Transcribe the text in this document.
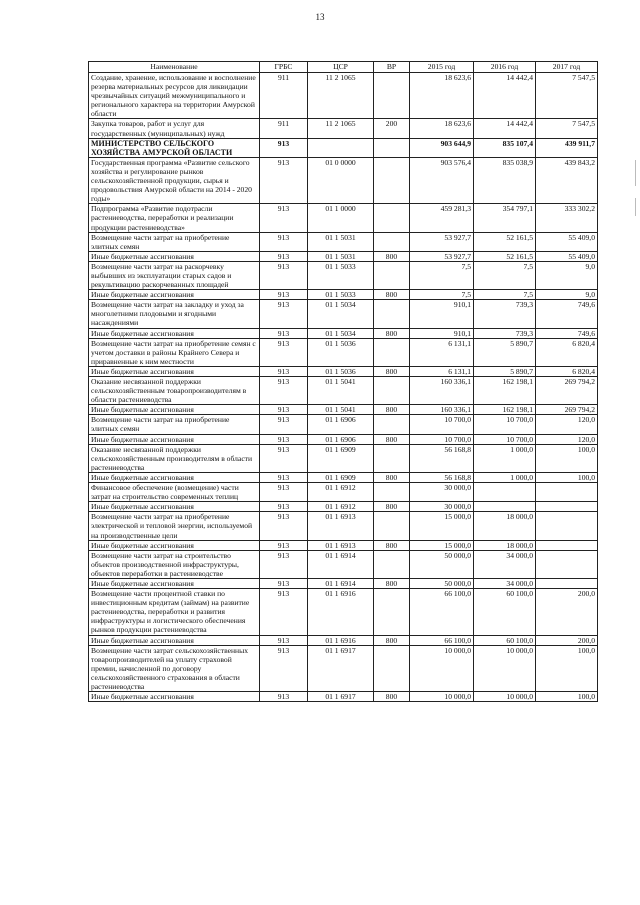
13
Наименование	ГРБС	ЦСР	ВР	2015 год	2016 год	2017 год
Создание, хранение, использование и восполнение резерва материальных ресурсов для ликвидации чрезвычайных ситуаций межмуниципального и регионального характера на территории Амурской области	911	11 2 1065		18 623,6	14 442,4	7 547,5
Закупка товаров, работ и услуг для государственных (муниципальных) нужд	911	11 2 1065	200	18 623,6	14 442,4	7 547,5
МИНИСТЕРСТВО СЕЛЬСКОГО ХОЗЯЙСТВА АМУРСКОЙ ОБЛАСТИ	913			903 644,9	835 107,4	439 911,7
Государственная программа «Развитие сельского хозяйства и регулирование рынков сельскохозяйственной продукции, сырья и продовольствия Амурской области на 2014 - 2020 годы»	913	01 0 0000		903 576,4	835 038,9	439 843,2
Подпрограмма «Развитие подотрасли растениеводства, переработки и реализации продукции растениеводства»	913	01 1 0000		459 281,3	354 797,1	333 302,2
Возмещение части затрат на приобретение элитных семян	913	01 1 5031		53 927,7	52 161,5	55 409,0
Иные бюджетные ассигнования	913	01 1 5031	800	53 927,7	52 161,5	55 409,0
Возмещение части затрат на раскорчевку выбывших из эксплуатации старых садов и рекультивацию раскорчеванных площадей	913	01 1 5033		7,5	7,5	9,0
Иные бюджетные ассигнования	913	01 1 5033	800	7,5	7,5	9,0
Возмещение части затрат на закладку и уход за многолетними плодовыми и ягодными насаждениями	913	01 1 5034		910,1	739,3	749,6
Иные бюджетные ассигнования	913	01 1 5034	800	910,1	739,3	749,6
Возмещение части затрат на приобретение семян с учетом доставки в районы Крайнего Севера и приравненные к ним местности	913	01 1 5036		6 131,1	5 890,7	6 820,4
Иные бюджетные ассигнования	913	01 1 5036	800	6 131,1	5 890,7	6 820,4
Оказание несвязанной поддержки сельскохозяйственным товаропроизводителям в области растениеводства	913	01 1 5041		160 336,1	162 198,1	269 794,2
Иные бюджетные ассигнования	913	01 1 5041	800	160 336,1	162 198,1	269 794,2
Возмещение части затрат на приобретение элитных семян	913	01 1 6906		10 700,0	10 700,0	120,0
Иные бюджетные ассигнования	913	01 1 6906	800	10 700,0	10 700,0	120,0
Оказание несвязанной поддержки сельскохозяйственным производителям в области растениеводства	913	01 1 6909		56 168,8	1 000,0	100,0
Иные бюджетные ассигнования	913	01 1 6909	800	56 168,8	1 000,0	100,0
Финансовое обеспечение (возмещение) части затрат на строительство современных теплиц	913	01 1 6912		30 000,0		
Иные бюджетные ассигнования	913	01 1 6912	800	30 000,0		
Возмещение части затрат на приобретение электрической и тепловой энергии, используемой на производственные цели	913	01 1 6913		15 000,0	18 000,0	
Иные бюджетные ассигнования	913	01 1 6913	800	15 000,0	18 000,0	
Возмещение части затрат на строительство объектов производственной инфраструктуры, объектов переработки в растениеводстве	913	01 1 6914		50 000,0	34 000,0	
Иные бюджетные ассигнования	913	01 1 6914	800	50 000,0	34 000,0	
Возмещение части процентной ставки по инвестиционным кредитам (займам) на развитие растениеводства, переработки и развития инфраструктуры и логистического обеспечения рынков продукции растениеводства	913	01 1 6916		66 100,0	60 100,0	200,0
Иные бюджетные ассигнования	913	01 1 6916	800	66 100,0	60 100,0	200,0
Возмещение части затрат сельскохозяйственных товаропроизводителей на уплату страховой премии, начисленной по договору сельскохозяйственного страхования в области растениеводства	913	01 1 6917		10 000,0	10 000,0	100,0
Иные бюджетные ассигнования	913	01 1 6917	800	10 000,0	10 000,0	100,0
